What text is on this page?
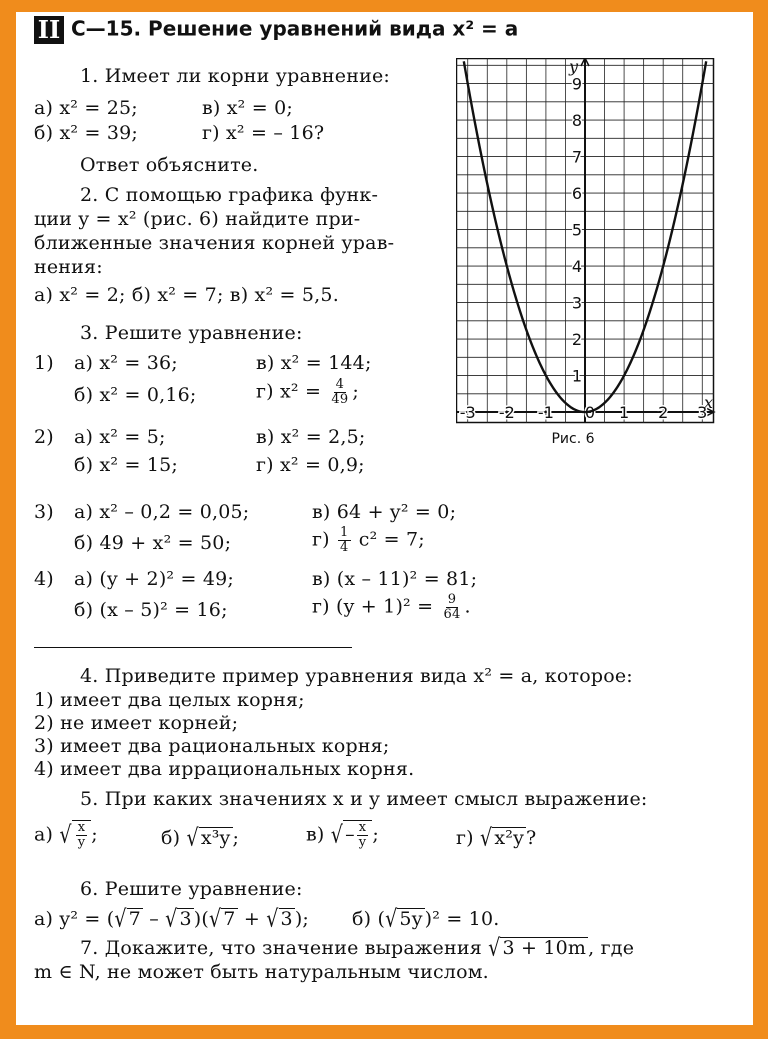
II С—15. Решение уравнений вида x² = a
1. Имеет ли корни уравнение:
а) x² = 25;	в) x² = 0;
б) x² = 39;	г) x² = – 16?
Ответ объясните.
2. С помощью графика функ-
ции y = x² (рис. 6) найдите при-
ближенные значения корней урав-
нения:
а) x² = 2; б) x² = 7; в) x² = 5,5.
3. Решите уравнение:
1) а) x² = 36;	в) x² = 144;
б) x² = 0,16;	г) $x^2 = \frac{4}{49}$ ;
2) а) x² = 5;	в) x² = 2,5;
б) x² = 15;	г) x² = 0,9;
3) а) x² – 0,2 = 0,05;	в) 64 + y² = 0;
б) 49 + x² = 50;	$г) \frac{1}{4} c^2 = 7$;
4) а) (y + 2)² = 49;	в) (x – 11)² = 81;
б) (x – 5)² = 16;	г) $(y + 1)^2 = \frac{9}{64}$ .
4. Приведите пример уравнения вида x² = a, которое:
1) имеет два целых корня;
2) не имеет корней;
3) имеет два рациональных корня;
4) имеет два иррациональных корня.
5. При каких значениях x и y имеет смысл выражение:
а) √ $\frac{x}{y}$ ;	б) √ x³y ;	в) √ – $\frac{x}{y}$ ;	г) √ x²y ?
6. Решите уравнение:
а) y² = (√ 7 – √ 3 )(√ 7 + √ 3 ); б) (√ 5y )² = 10.
7. Докажите, что значение выражения √ 3 + 10m , где
m ∈ N, не может быть натуральным числом.
-3 -2 -1 0 1 2 3
1
2
3
4
5
6
7
8
9
x
y
Рис. 6
